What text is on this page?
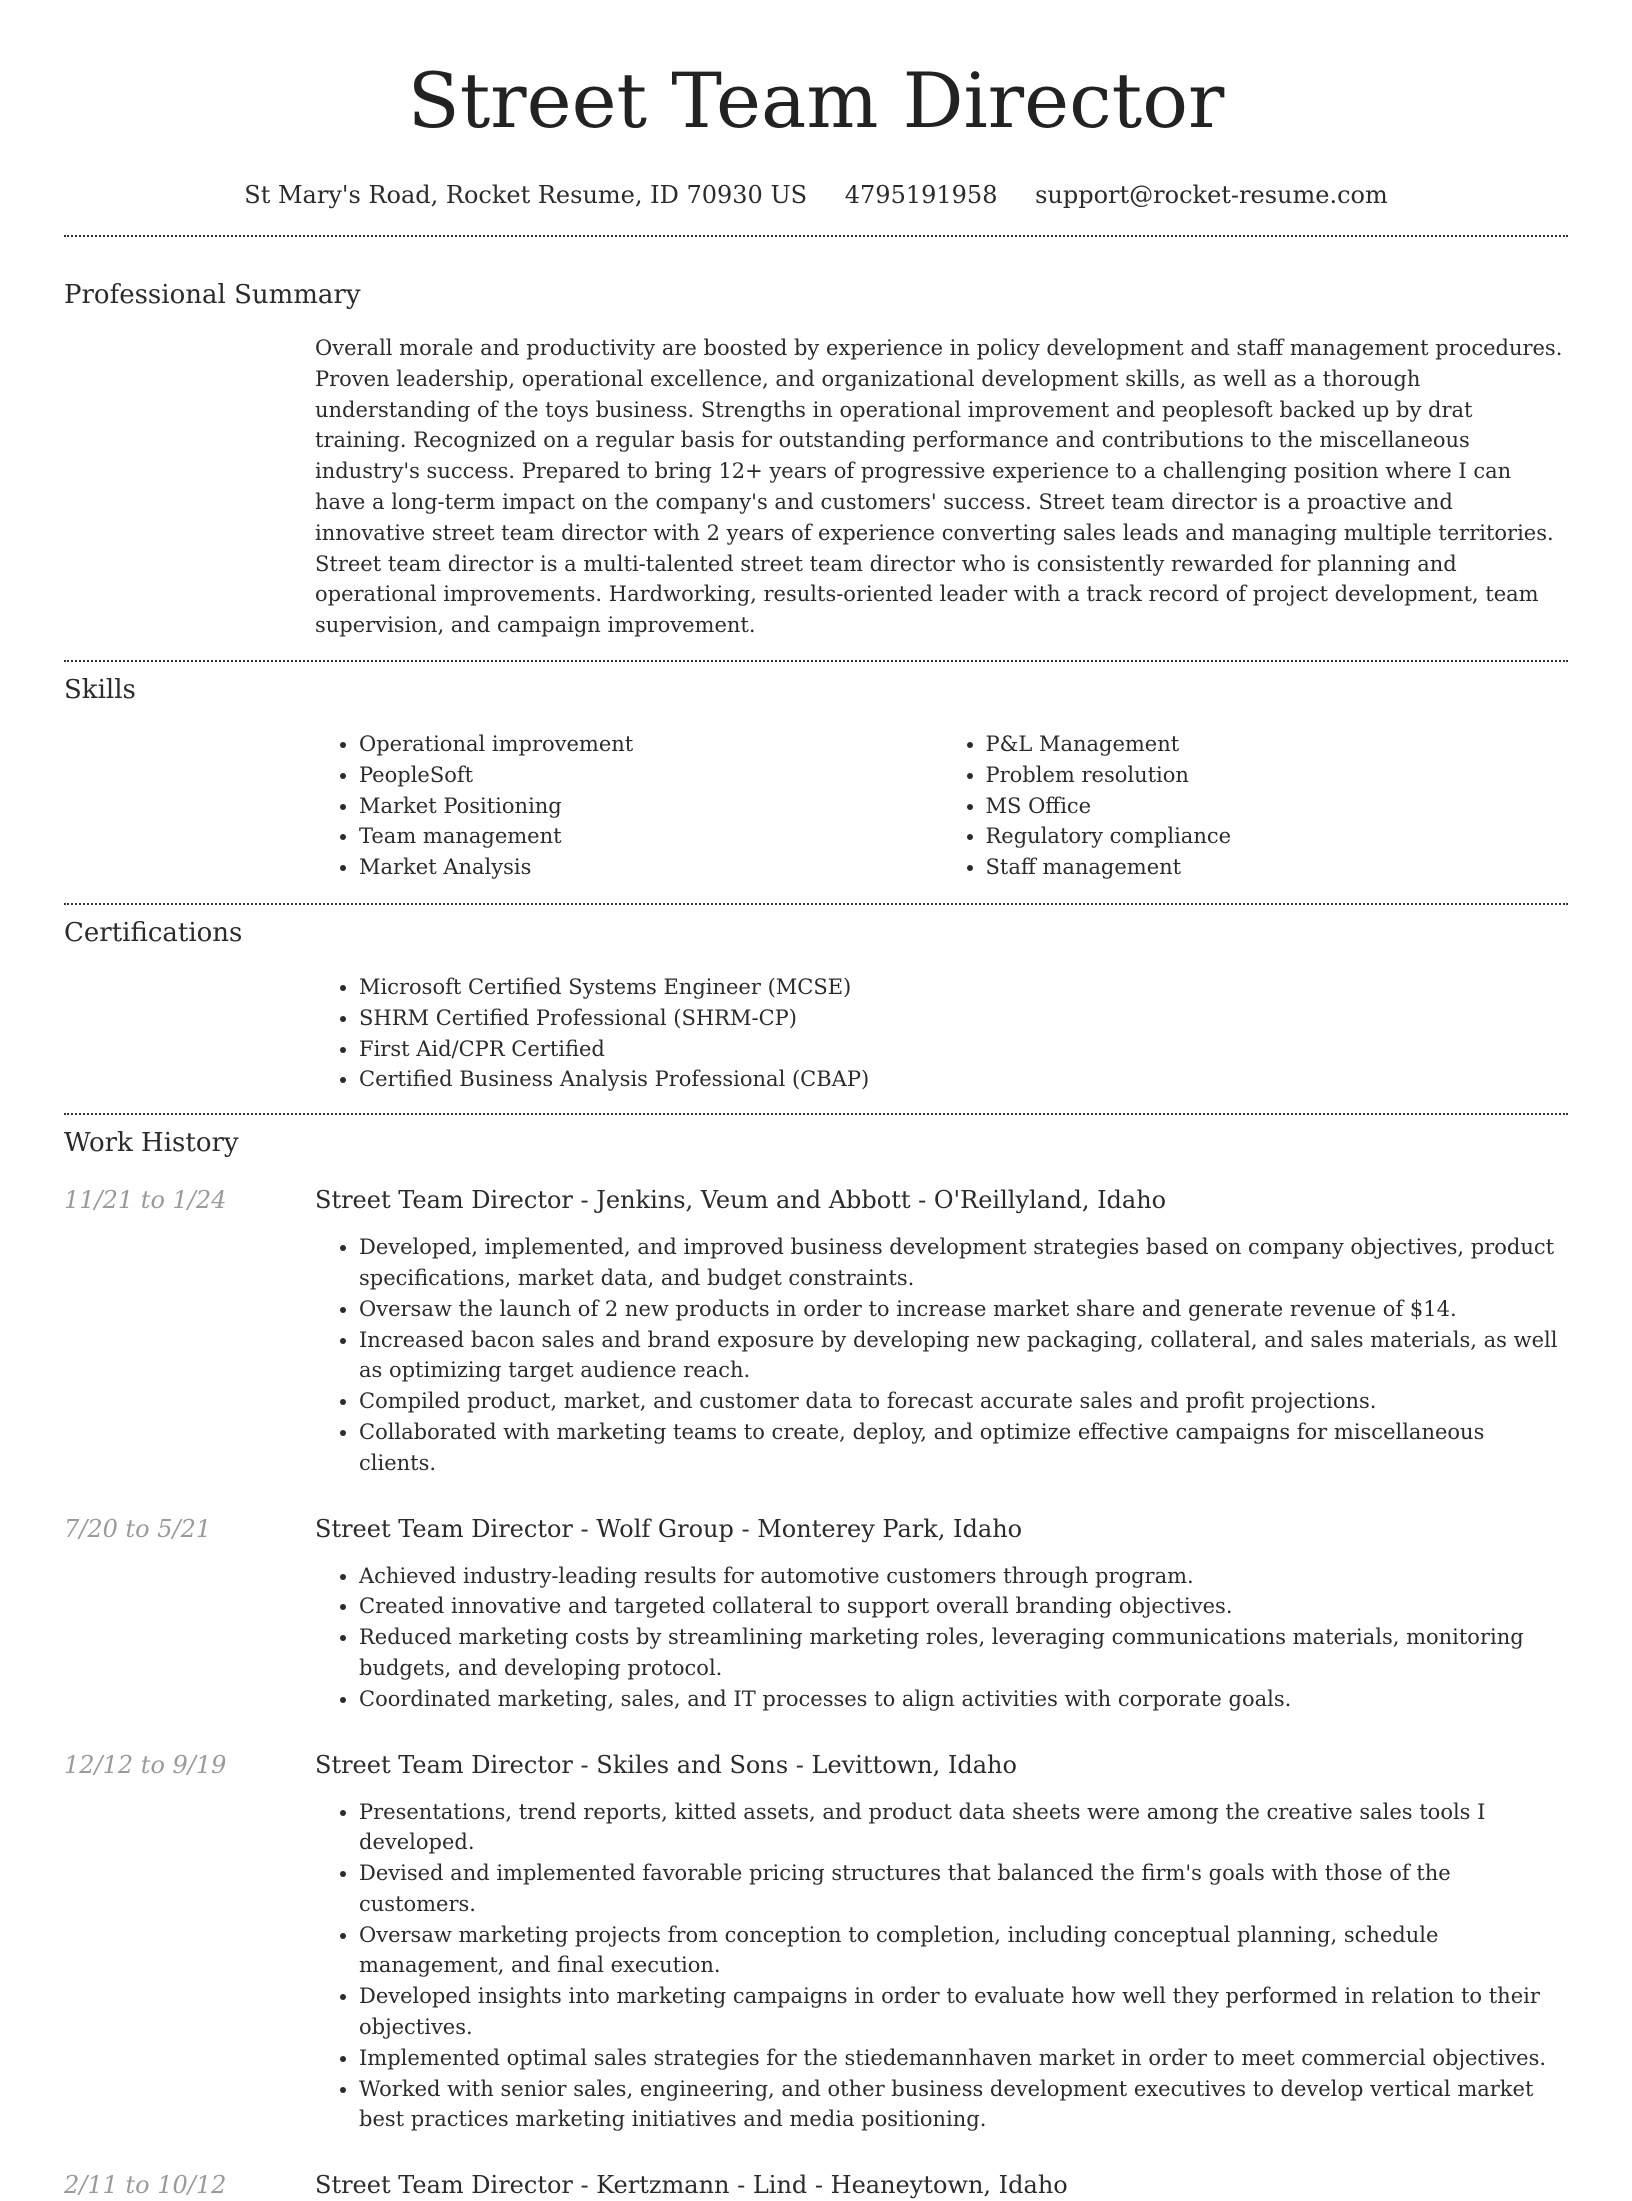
Street Team Director
St Mary's Road, Rocket Resume, ID 70930 US 4795191958 support@rocket-resume.com
Professional Summary
Overall morale and productivity are boosted by experience in policy development and staff management procedures. Proven leadership, operational excellence, and organizational development skills, as well as a thorough understanding of the toys business. Strengths in operational improvement and peoplesoft backed up by drat training. Recognized on a regular basis for outstanding performance and contributions to the miscellaneous industry's success. Prepared to bring 12+ years of progressive experience to a challenging position where I can have a long-term impact on the company's and customers' success. Street team director is a proactive and innovative street team director with 2 years of experience converting sales leads and managing multiple territories. Street team director is a multi-talented street team director who is consistently rewarded for planning and operational improvements. Hardworking, results-oriented leader with a track record of project development, team supervision, and campaign improvement.
Skills
• Operational improvement
• PeopleSoft
• Market Positioning
• Team management
• Market Analysis
• P&L Management
• Problem resolution
• MS Office
• Regulatory compliance
• Staff management
Certifications
• Microsoft Certified Systems Engineer (MCSE)
• SHRM Certified Professional (SHRM-CP)
• First Aid/CPR Certified
• Certified Business Analysis Professional (CBAP)
Work History
11/21 to 1/24	Street Team Director - Jenkins, Veum and Abbott - O'Reillyland, Idaho
• Developed, implemented, and improved business development strategies based on company objectives, product specifications, market data, and budget constraints.
• Oversaw the launch of 2 new products in order to increase market share and generate revenue of $14.
• Increased bacon sales and brand exposure by developing new packaging, collateral, and sales materials, as well as optimizing target audience reach.
• Compiled product, market, and customer data to forecast accurate sales and profit projections.
• Collaborated with marketing teams to create, deploy, and optimize effective campaigns for miscellaneous clients.
7/20 to 5/21	Street Team Director - Wolf Group - Monterey Park, Idaho
• Achieved industry-leading results for automotive customers through program.
• Created innovative and targeted collateral to support overall branding objectives.
• Reduced marketing costs by streamlining marketing roles, leveraging communications materials, monitoring budgets, and developing protocol.
• Coordinated marketing, sales, and IT processes to align activities with corporate goals.
12/12 to 9/19	Street Team Director - Skiles and Sons - Levittown, Idaho
• Presentations, trend reports, kitted assets, and product data sheets were among the creative sales tools I developed.
• Devised and implemented favorable pricing structures that balanced the firm's goals with those of the customers.
• Oversaw marketing projects from conception to completion, including conceptual planning, schedule management, and final execution.
• Developed insights into marketing campaigns in order to evaluate how well they performed in relation to their objectives.
• Implemented optimal sales strategies for the stiedemannhaven market in order to meet commercial objectives.
• Worked with senior sales, engineering, and other business development executives to develop vertical market best practices marketing initiatives and media positioning.
2/11 to 10/12	Street Team Director - Kertzmann - Lind - Heaneytown, Idaho
